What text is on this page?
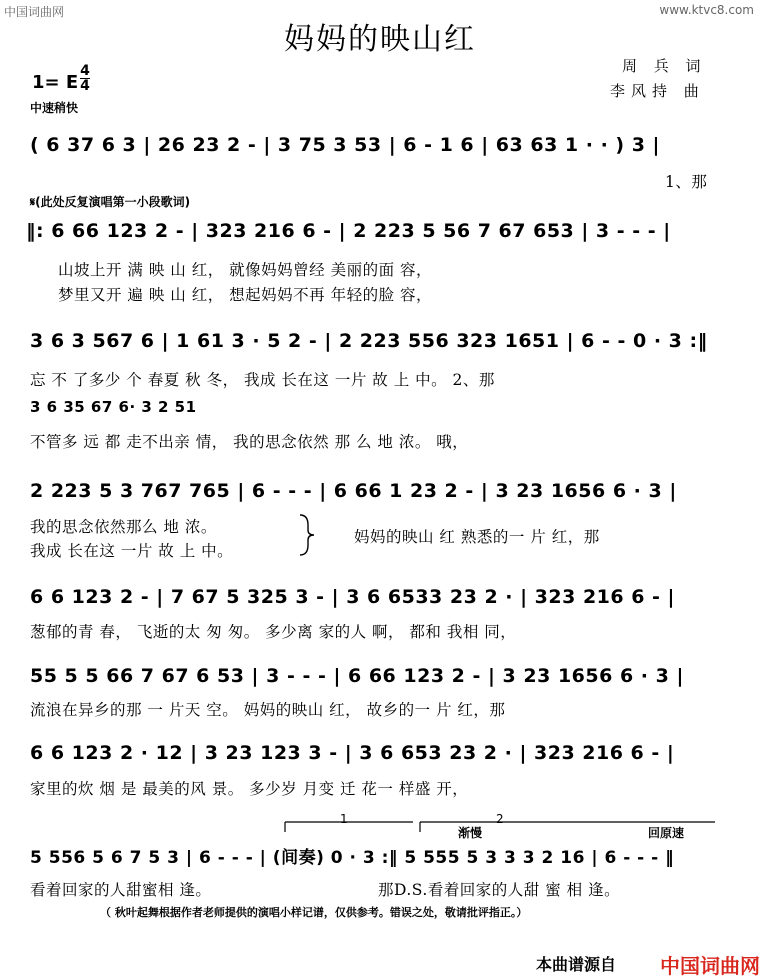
中国词曲网	www.ktvc8.com
妈妈的映山红
周 兵 词
李风持 曲
1= E
4
4
中速稍快
( 6 37 6 3 | 26 23 2 - | 3 75 3 53 | 6 - 1 6 | 63 63 1 · · ) 3 |
1、那
𝄋(此处反复演唱第一小段歌词)
‖: 6 66 123 2 - | 323 216 6 - | 2 223 5 56 7 67 653 | 3 - - - |
山坡上开 满 映 山 红， 就像妈妈曾经 美丽的面 容，
梦里又开 遍 映 山 红， 想起妈妈不再 年轻的脸 容，
3 6 3 567 6 | 1 61 3 · 5 2 - | 2 223 556 323 1651 | 6 - - 0 · 3 :‖
忘 不 了多少 个 春夏 秋 冬， 我成 长在这 一片 故 上 中。 2、那
3 6 35 67 6· 3 2 51
不管多 远 都 走不出亲 情， 我的思念依然 那 么 地 浓。 哦，
2 223 5 3 767 765 | 6 - - - | 6 66 1 23 2 - | 3 23 1656 6 · 3 |
我的思念依然那么 地 浓。
我成 长在这 一片 故 上 中。
妈妈的映山 红 熟悉的一 片 红，那
6 6 123 2 - | 7 67 5 325 3 - | 3 6 6533 23 2 · | 323 216 6 - |
葱郁的青 春， 飞逝的太 匆 匆。 多少离 家的人 啊， 都和 我相 同，
55 5 5 66 7 67 6 53 | 3 - - - | 6 66 123 2 - | 3 23 1656 6 · 3 |
流浪在异乡的那 一 片天 空。 妈妈的映山 红， 故乡的一 片 红，那
6 6 123 2 · 12 | 3 23 123 3 - | 3 6 653 23 2 · | 323 216 6 - |
家里的炊 烟 是 最美的风 景。 多少岁 月变 迁 花一 样盛 开，
1	2
渐慢	回原速
5 556 5 6 7 5 3 | 6 - - - | (间奏) 0 · 3 :‖ 5 555 5 3 3 3 2 16 | 6 - - - ‖
看着回家的人甜蜜相 逢。	那D.S.看着回家的人甜 蜜 相 逢。
（ 秋叶起舞根据作者老师提供的演唱小样记谱，仅供参考。错误之处，敬请批评指正。）
本曲谱源自 中国词曲网
